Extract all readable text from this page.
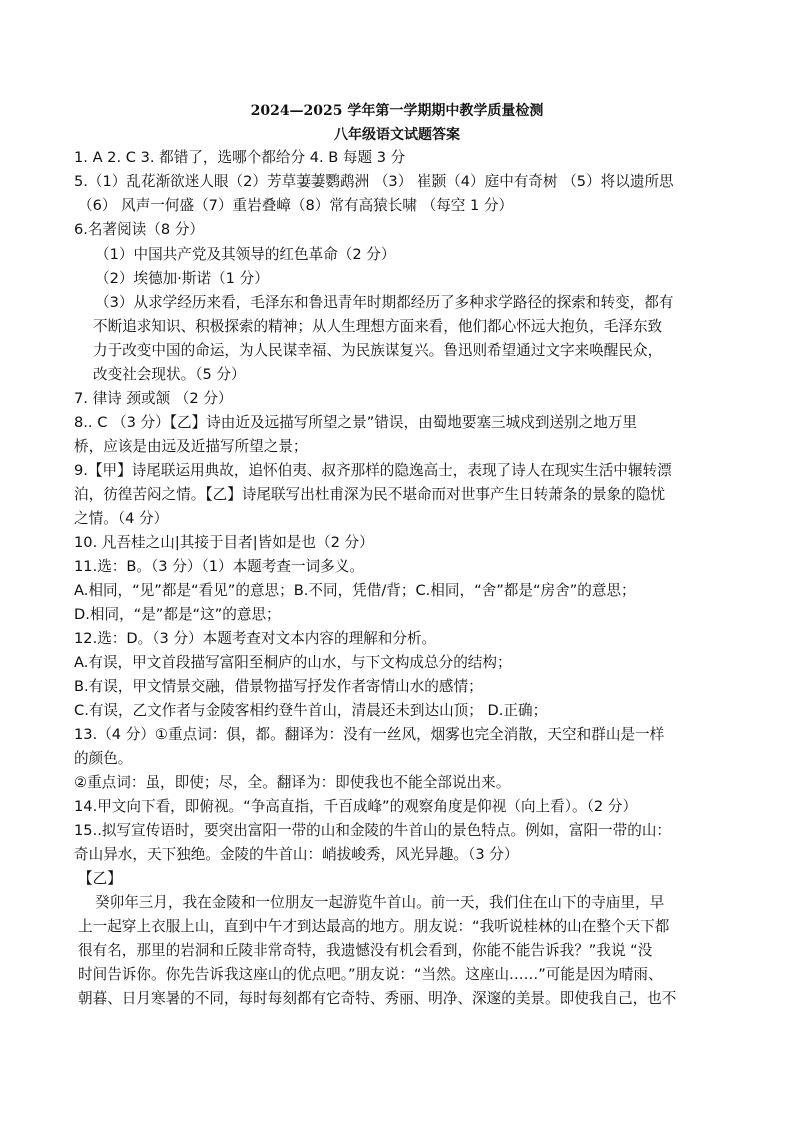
2024—2025 学年第一学期期中教学质量检测
八年级语文试题答案
1. A 2. C 3. 都错了，选哪个都给分 4. B 每题 3 分
5.（1）乱花渐欲迷人眼（2）芳草萋萋鹦鹉洲 （3） 崔颢（4）庭中有奇树 （5）将以遗所思
（6） 风声一何盛（7）重岩叠嶂（8）常有高猿长啸 （每空 1 分）
6.名著阅读（8 分）
（1）中国共产党及其领导的红色革命（2 分）
（2）埃德加·斯诺（1 分）
（3）从求学经历来看，毛泽东和鲁迅青年时期都经历了多种求学路径的探索和转变，都有
不断追求知识、积极探索的精神；从人生理想方面来看，他们都心怀远大抱负，毛泽东致
力于改变中国的命运，为人民谋幸福、为民族谋复兴。鲁迅则希望通过文字来唤醒民众，
改变社会现状。（5 分）
7. 律诗 颈或颔 （2 分）
8.. C （3 分）【乙】诗由近及远描写所望之景”错误，由蜀地要塞三城戍到送别之地万里
桥，应该是由远及近描写所望之景；
9.【甲】诗尾联运用典故，追怀伯夷、叔齐那样的隐逸高士，表现了诗人在现实生活中辗转漂
泊，彷徨苦闷之情。【乙】诗尾联写出杜甫深为民不堪命而对世事产生日转萧条的景象的隐忧
之情。（4 分）
10. 凡吾桂之山|其接于目者|皆如是也（2 分）
11.选：B。（3 分）（1）本题考查一词多义。
A.相同，“见”都是“看见”的意思；B.不同，凭借/背；C.相同，“舍”都是“房舍”的意思；
D.相同，“是”都是“这”的意思；
12.选：D。（3 分）本题考查对文本内容的理解和分析。
A.有误，甲文首段描写富阳至桐庐的山水，与下文构成总分的结构；
B.有误，甲文情景交融，借景物描写抒发作者寄情山水的感情；
C.有误，乙文作者与金陵客相约登牛首山，清晨还未到达山顶； D.正确；
13.（4 分）①重点词：俱，都。翻译为：没有一丝风，烟雾也完全消散，天空和群山是一样
的颜色。
②重点词：虽，即使；尽，全。翻译为：即使我也不能全部说出来。
14.甲文向下看，即俯视。“争高直指，千百成峰”的观察角度是仰视（向上看）。（2 分）
15..拟写宣传语时，要突出富阳一带的山和金陵的牛首山的景色特点。例如，富阳一带的山：
奇山异水，天下独绝。金陵的牛首山：峭拔峻秀，风光异趣。（3 分）
【乙】
癸卯年三月，我在金陵和一位朋友一起游览牛首山。前一天，我们住在山下的寺庙里，早
上一起穿上衣服上山，直到中午才到达最高的地方。朋友说：“我听说桂林的山在整个天下都
很有名，那里的岩洞和丘陵非常奇特，我遗憾没有机会看到，你能不能告诉我？”我说 “没
时间告诉你。你先告诉我这座山的优点吧。”朋友说：“当然。这座山……”可能是因为晴雨、
朝暮、日月寒暑的不同，每时每刻都有它奇特、秀丽、明净、深邃的美景。即使我自己，也不
